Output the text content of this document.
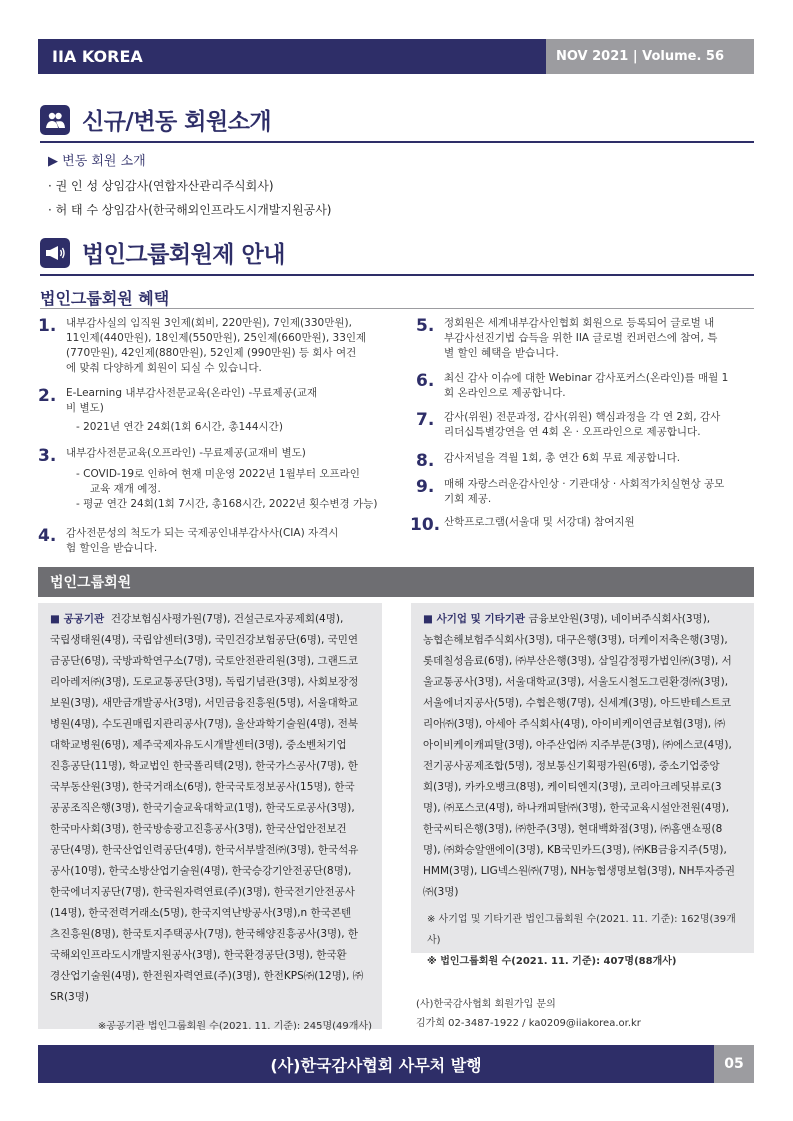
IIA KOREA	NOV 2021 | Volume. 56
신규/변동 회원소개
▶ 변동 회원 소개
· 권 인 성 상임감사(연합자산관리주식회사)
· 허 태 수 상임감사(한국해외인프라도시개발지원공사)
법인그룹회원제 안내
법인그룹회원 혜택
1. 내부감사실의 임직원 3인제(회비, 220만원), 7인제(330만원),
11인제(440만원), 18인제(550만원), 25인제(660만원), 33인제
(770만원), 42인제(880만원), 52인제 (990만원) 등 회사 여건
에 맞춰 다양하게 회원이 되실 수 있습니다.
2. E-Learning 내부감사전문교육(온라인) -무료제공(교재
비 별도)
- 2021년 연간 24회(1회 6시간, 총144시간)
3. 내부감사전문교육(오프라인) -무료제공(교재비 별도)
- COVID-19로 인하여 현재 미운영 2022년 1월부터 오프라인
교육 재개 예정.
- 평균 연간 24회(1회 7시간, 총168시간, 2022년 횟수변경 가능)
4. 감사전문성의 척도가 되는 국제공인내부감사사(CIA) 자격시
험 할인을 받습니다.
5. 정회원은 세계내부감사인협회 회원으로 등록되어 글로벌 내
부감사선진기법 습득을 위한 IIA 글로벌 컨퍼런스에 참여, 특
별 할인 혜택을 받습니다.
6. 최신 감사 이슈에 대한 Webinar 감사포커스(온라인)를 매월 1
회 온라인으로 제공합니다.
7. 감사(위원) 전문과정, 감사(위원) 핵심과정을 각 연 2회, 감사
리더십특별강연을 연 4회 온 · 오프라인으로 제공합니다.
8. 감사저널을 격월 1회, 총 연간 6회 무료 제공합니다.
9. 매해 자랑스러운감사인상 · 기관대상 · 사회적가치실현상 공모
기회 제공.
10. 산학프로그램(서울대 및 서강대) 참여지원
법인그룹회원
■ 공공기관 건강보험심사평가원(7명), 건설근로자공제회(4명),
국립생태원(4명), 국립암센터(3명), 국민건강보험공단(6명), 국민연
금공단(6명), 국방과학연구소(7명), 국토안전관리원(3명), 그랜드코
리아레저㈜(3명), 도로교통공단(3명), 독립기념관(3명), 사회보장정
보원(3명), 새만금개발공사(3명), 서민금융진흥원(5명), 서울대학교
병원(4명), 수도권매립지관리공사(7명), 울산과학기술원(4명), 전북
대학교병원(6명), 제주국제자유도시개발센터(3명), 중소벤처기업
진흥공단(11명), 학교법인 한국폴리텍(2명), 한국가스공사(7명), 한
국부동산원(3명), 한국거래소(6명), 한국국토정보공사(15명), 한국
공공조직은행(3명), 한국기술교육대학교(1명), 한국도로공사(3명),
한국마사회(3명), 한국방송광고진흥공사(3명), 한국산업안전보건
공단(4명), 한국산업인력공단(4명), 한국서부발전㈜(3명), 한국석유
공사(10명), 한국소방산업기술원(4명), 한국승강기안전공단(8명),
한국에너지공단(7명), 한국원자력연료(주)(3명), 한국전기안전공사
(14명), 한국전력거래소(5명), 한국지역난방공사(3명),n 한국콘텐
츠진흥원(8명), 한국토지주택공사(7명), 한국해양진흥공사(3명), 한
국해외인프라도시개발지원공사(3명), 한국환경공단(3명), 한국환
경산업기술원(4명), 한전원자력연료(주)(3명), 한전KPS㈜(12명), ㈜
SR(3명)
※공공기관 법인그룹회원 수(2021. 11. 기준): 245명(49개사)
■ 사기업 및 기타기관 금융보안원(3명), 네이버주식회사(3명),
농협손해보험주식회사(3명), 대구은행(3명), 더케이저축은행(3명),
롯데칠성음료(6명), ㈜부산은행(3명), 삼일감정평가법인㈜(3명), 서
울교통공사(3명), 서울대학교(3명), 서울도시철도그린환경㈜(3명),
서울에너지공사(5명), 수협은행(7명), 신세계(3명), 아드반테스트코
리아㈜(3명), 아세아 주식회사(4명), 아이비케이연금보험(3명), ㈜
아이비케이캐피탈(3명), 아주산업㈜ 지주부문(3명), ㈜에스코(4명),
전기공사공제조합(5명), 정보통신기획평가원(6명), 중소기업중앙
회(3명), 카카오뱅크(8명), 케이티엔지(3명), 코리아크레딧뷰로(3
명), ㈜포스코(4명), 하나캐피탈㈜(3명), 한국교육시설안전원(4명),
한국씨티은행(3명), ㈜한주(3명), 현대백화점(3명), ㈜홈앤쇼핑(8
명), ㈜화승알앤에이(3명), KB국민카드(3명), ㈜KB금융지주(5명),
HMM(3명), LIG넥스원㈜(7명), NH농협생명보험(3명), NH투자증권
㈜(3명)
※ 사기업 및 기타기관 법인그룹회원 수(2021. 11. 기준): 162명(39개사)
※ 법인그룹회원 수(2021. 11. 기준): 407명(88개사)
(사)한국감사협회 회원가입 문의
김가희 02-3487-1922 / ka0209@iiakorea.or.kr
(사)한국감사협회 사무처 발행	05
